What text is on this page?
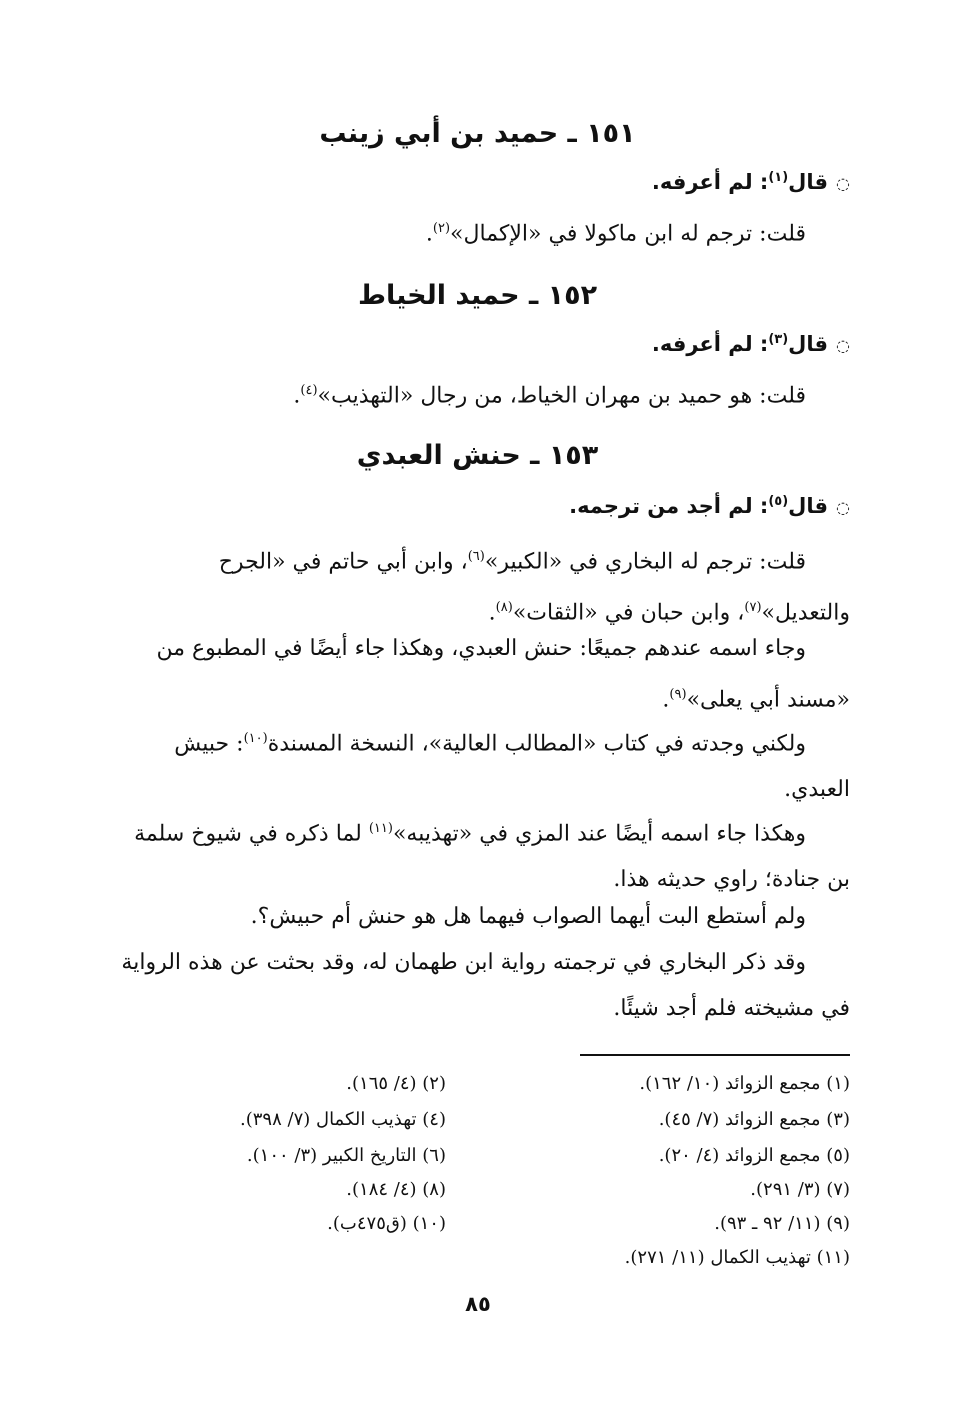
١٥١ ـ حميد بن أبي زينب
◌قال$^{(١)}$: لم أعرفه.
قلت: ترجم له ابن ماكولا في «الإكمال»$^{(٢)}$.
١٥٢ ـ حميد الخياط
◌قال$^{(٣)}$: لم أعرفه.
قلت: هو حميد بن مهران الخياط، من رجال «التهذيب»$^{(٤)}$.
١٥٣ ـ حنش العبدي
◌قال$^{(٥)}$: لم أجد من ترجمه.
قلت: ترجم له البخاري في «الكبير»$^{(٦)}$، وابن أبي حاتم في «الجرح والتعديل»$^{(٧)}$، وابن حبان في «الثقات»$^{(٨)}$.
وجاء اسمه عندهم جميعًا: حنش العبدي، وهكذا جاء أيضًا في المطبوع من «مسند أبي يعلى»$^{(٩)}$.
ولكني وجدته في كتاب «المطالب العالية»، النسخة المسندة$^{(١٠)}$: حبيش العبدي.
وهكذا جاء اسمه أيضًا عند المزي في «تهذيبه»$^{(١١)}$ لما ذكره في شيوخ سلمة بن جنادة؛ راوي حديثه هذا.
ولم أستطع البت أيهما الصواب فيهما هل هو حنش أم حبيش؟.
وقد ذكر البخاري في ترجمته رواية ابن طهمان له، وقد بحثت عن هذه الرواية في مشيخته فلم أجد شيئًا.
(١) مجمع الزوائد (١٠/ ١٦٢).
(٣) مجمع الزوائد (٧/ ٤٥).
(٥) مجمع الزوائد (٤/ ٢٠).
(٧) (٣/ ٢٩١).
(٩) (١١/ ٩٢ ـ ٩٣).
(١١) تهذيب الكمال (١١/ ٢٧١).
(٢) (٤/ ١٦٥).
(٤) تهذيب الكمال (٧/ ٣٩٨).
(٦) التاريخ الكبير (٣/ ١٠٠).
(٨) (٤/ ١٨٤).
(١٠) (ق٤٧٥ب).
٨٥
